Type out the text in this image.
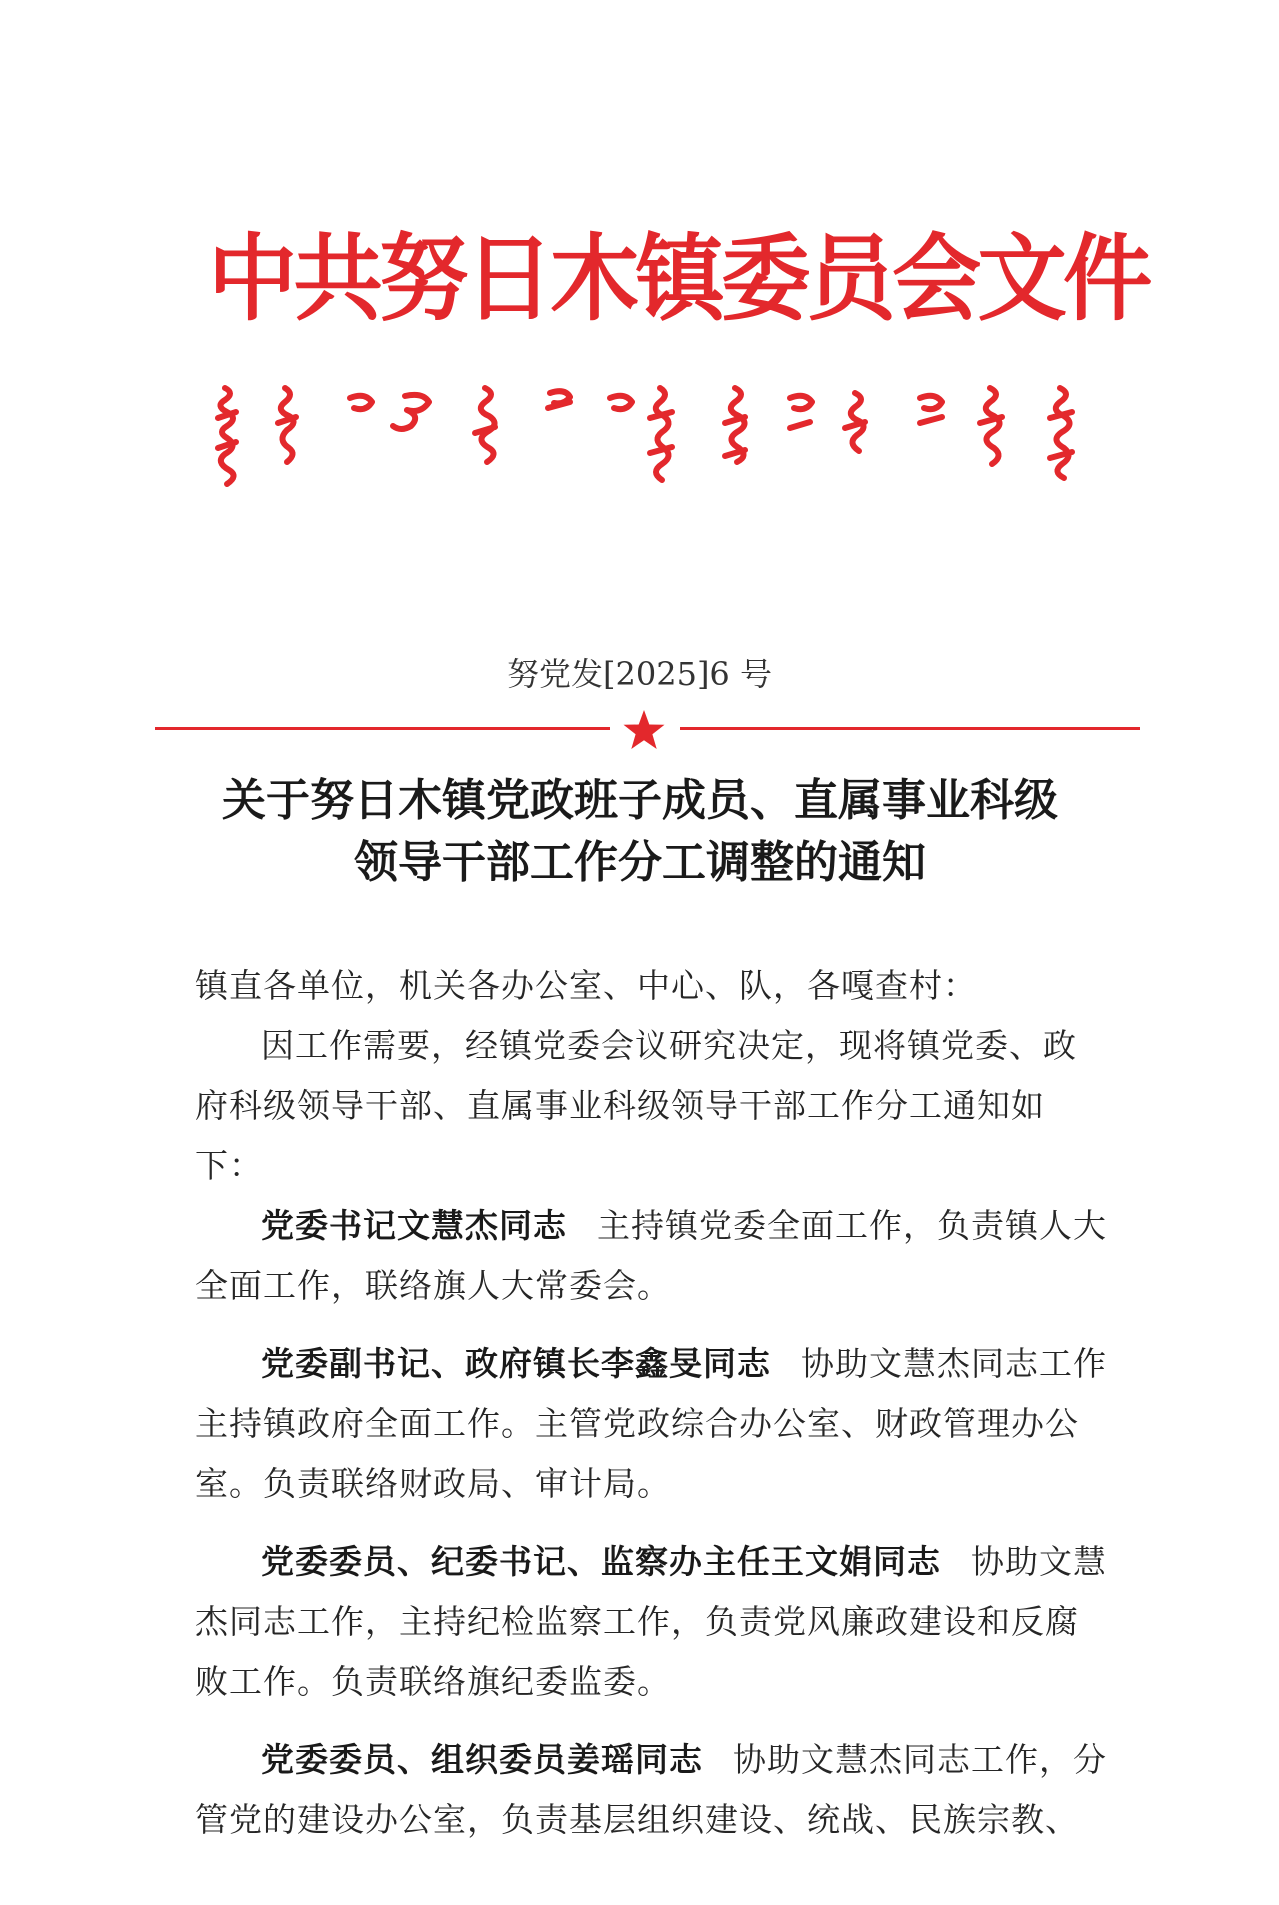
中共努日木镇委员会文件
努党发[2025]6 号
关于努日木镇党政班子成员、直属事业科级
领导干部工作分工调整的通知

镇直各单位，机关各办公室、中心、队，各嘎查村：

因工作需要，经镇党委会议研究决定，现将镇党委、政府科级领导干部、直属事业科级领导干部工作分工通知如下：

党委书记文慧杰同志 主持镇党委全面工作，负责镇人大全面工作，联络旗人大常委会。

党委副书记、政府镇长李鑫旻同志 协助文慧杰同志工作主持镇政府全面工作。主管党政综合办公室、财政管理办公室。负责联络财政局、审计局。

党委委员、纪委书记、监察办主任王文娟同志 协助文慧杰同志工作，主持纪检监察工作，负责党风廉政建设和反腐败工作。负责联络旗纪委监委。

党委委员、组织委员姜瑶同志 协助文慧杰同志工作，分管党的建设办公室，负责基层组织建设、统战、民族宗教、
